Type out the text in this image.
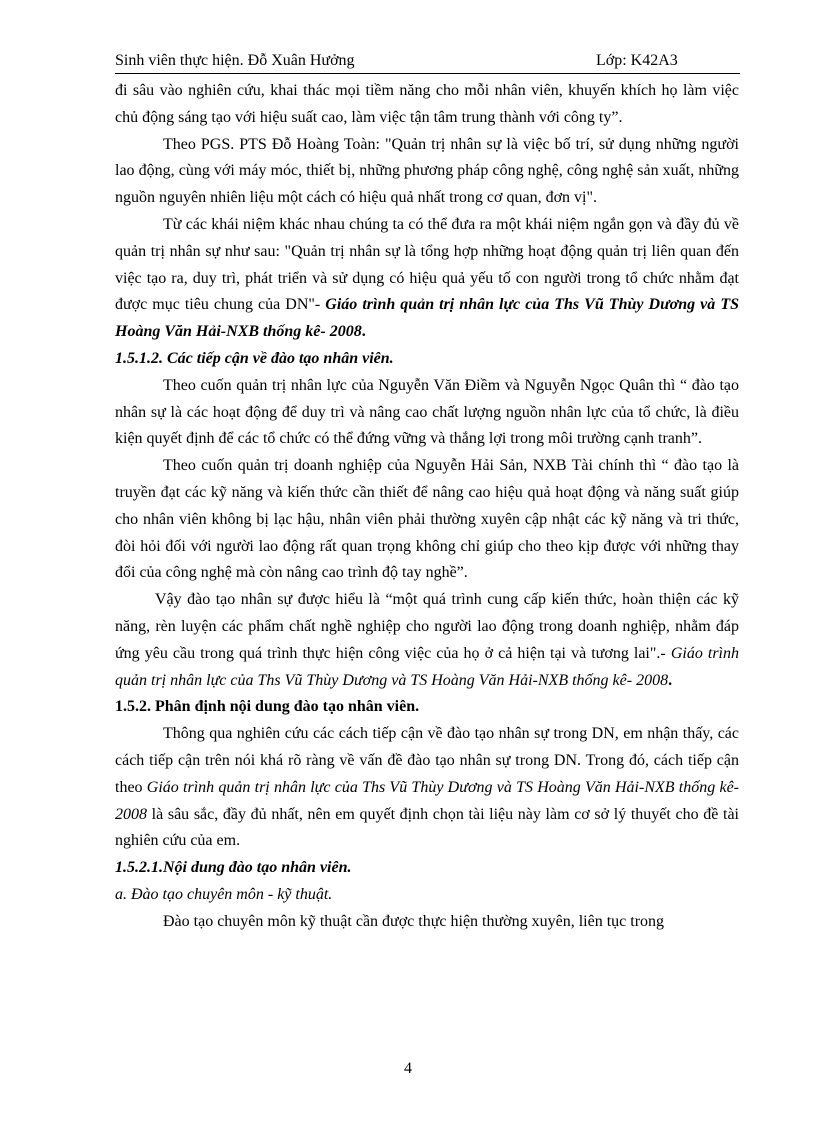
Sinh viên thực hiện. Đỗ Xuân Hưởng	Lớp: K42A3

đi sâu vào nghiên cứu, khai thác mọi tiềm năng cho mỗi nhân viên, khuyến khích họ làm việc chủ động sáng tạo với hiệu suất cao, làm việc tận tâm trung thành với công ty”.

Theo PGS. PTS Đỗ Hoàng Toàn: "Quản trị nhân sự là việc bố trí, sử dụng những người lao động, cùng với máy móc, thiết bị, những phương pháp công nghệ, công nghệ sản xuất, những nguồn nguyên nhiên liệu một cách có hiệu quả nhất trong cơ quan, đơn vị".

Từ các khái niệm khác nhau chúng ta có thể đưa ra một khái niệm ngắn gọn và đầy đủ về quản trị nhân sự như sau: "Quản trị nhân sự là tổng hợp những hoạt động quản trị liên quan đến việc tạo ra, duy trì, phát triển và sử dụng có hiệu quả yếu tố con người trong tổ chức nhằm đạt được mục tiêu chung của DN"- Giáo trình quản trị nhân lực của Ths Vũ Thùy Dương và TS Hoàng Văn Hải-NXB thống kê- 2008.

1.5.1.2. Các tiếp cận về đào tạo nhân viên.

Theo cuốn quản trị nhân lực của Nguyễn Văn Điềm và Nguyễn Ngọc Quân thì “ đào tạo nhân sự là các hoạt động để duy trì và nâng cao chất lượng nguồn nhân lực của tổ chức, là điều kiện quyết định để các tổ chức có thể đứng vững và thắng lợi trong môi trường cạnh tranh”.

Theo cuốn quản trị doanh nghiệp của Nguyễn Hải Sản, NXB Tài chính thì “ đào tạo là truyền đạt các kỹ năng và kiến thức cần thiết để nâng cao hiệu quả hoạt động và năng suất giúp cho nhân viên không bị lạc hậu, nhân viên phải thường xuyên cập nhật các kỹ năng và tri thức, đòi hỏi đối với người lao động rất quan trọng không chỉ giúp cho theo kịp được với những thay đổi của công nghệ mà còn nâng cao trình độ tay nghề”.

Vậy đào tạo nhân sự được hiểu là “một quá trình cung cấp kiến thức, hoàn thiện các kỹ năng, rèn luyện các phẩm chất nghề nghiệp cho người lao động trong doanh nghiệp, nhằm đáp ứng yêu cầu trong quá trình thực hiện công việc của họ ở cả hiện tại và tương lai".- Giáo trình quản trị nhân lực của Ths Vũ Thùy Dương và TS Hoàng Văn Hải-NXB thống kê- 2008.

1.5.2. Phân định nội dung đào tạo nhân viên.

Thông qua nghiên cứu các cách tiếp cận về đào tạo nhân sự trong DN, em nhận thấy, các cách tiếp cận trên nói khá rõ ràng về vấn đề đào tạo nhân sự trong DN. Trong đó, cách tiếp cận theo Giáo trình quản trị nhân lực của Ths Vũ Thùy Dương và TS Hoàng Văn Hải-NXB thống kê- 2008 là sâu sắc, đầy đủ nhất, nên em quyết định chọn tài liệu này làm cơ sở lý thuyết cho đề tài nghiên cứu của em.

1.5.2.1.Nội dung đào tạo nhân viên.

a. Đào tạo chuyên môn - kỹ thuật.

Đào tạo chuyên môn kỹ thuật cần được thực hiện thường xuyên, liên tục trong

4
